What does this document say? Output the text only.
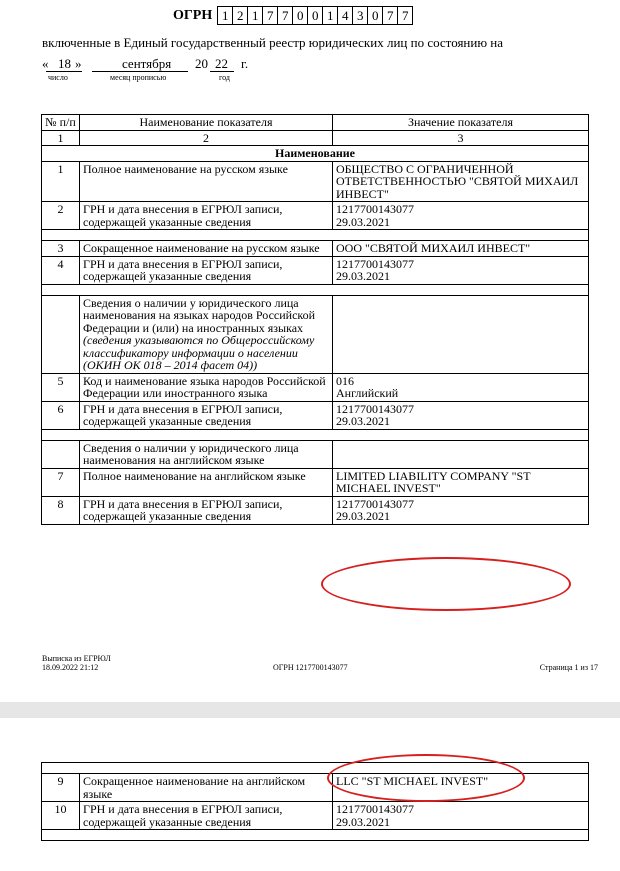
ОГРН 1 2 1 7 7 0 0 1 4 3 0 7 7
включенные в Единый государственный реестр юридических лиц по состоянию на
« 18 »	сентября 20 22 г.
число	месяц прописью	год
№ п/п	Наименование показателя	Значение показателя
1	2	3
Наименование		
1	Полное наименование на русском языке	ОБЩЕСТВО С ОГРАНИЧЕННОЙ ОТВЕТСТВЕННОСТЬЮ "СВЯТОЙ МИХАИЛ ИНВЕСТ"
2	ГРН и дата внесения в ЕГРЮЛ записи, содержащей указанные сведения	1217700143077
29.03.2021

3	Сокращенное наименование на русском языке	ООО "СВЯТОЙ МИХАИЛ ИНВЕСТ"
4	ГРН и дата внесения в ЕГРЮЛ записи, содержащей указанные сведения	1217700143077
29.03.2021

	Сведения о наличии у юридического лица наименования на языках народов Российской Федерации и (или) на иностранных языках
(сведения указываются по Общероссийскому классификатору информации о населении (ОКИН ОК 018 – 2014 фасет 04))	

5	Код и наименование языка народов Российской Федерации или иностранного языка	016
Английский

6	ГРН и дата внесения в ЕГРЮЛ записи, содержащей указанные сведения	1217700143077
29.03.2021

	Сведения о наличии у юридического лица наименования на английском языке	
7	Полное наименование на английском языке	LIMITED LIABILITY COMPANY "ST MICHAEL INVEST"
8	ГРН и дата внесения в ЕГРЮЛ записи, содержащей указанные сведения	1217700143077
29.03.2021
Выписка из ЕГРЮЛ
18.09.2022 21:12	ОГРН 1217700143077	Страница 1 из 17

9	Сокращенное наименование на английском языке	LLC "ST MICHAEL INVEST"
10	ГРН и дата внесения в ЕГРЮЛ записи, содержащей указанные сведения	1217700143077
29.03.2021
